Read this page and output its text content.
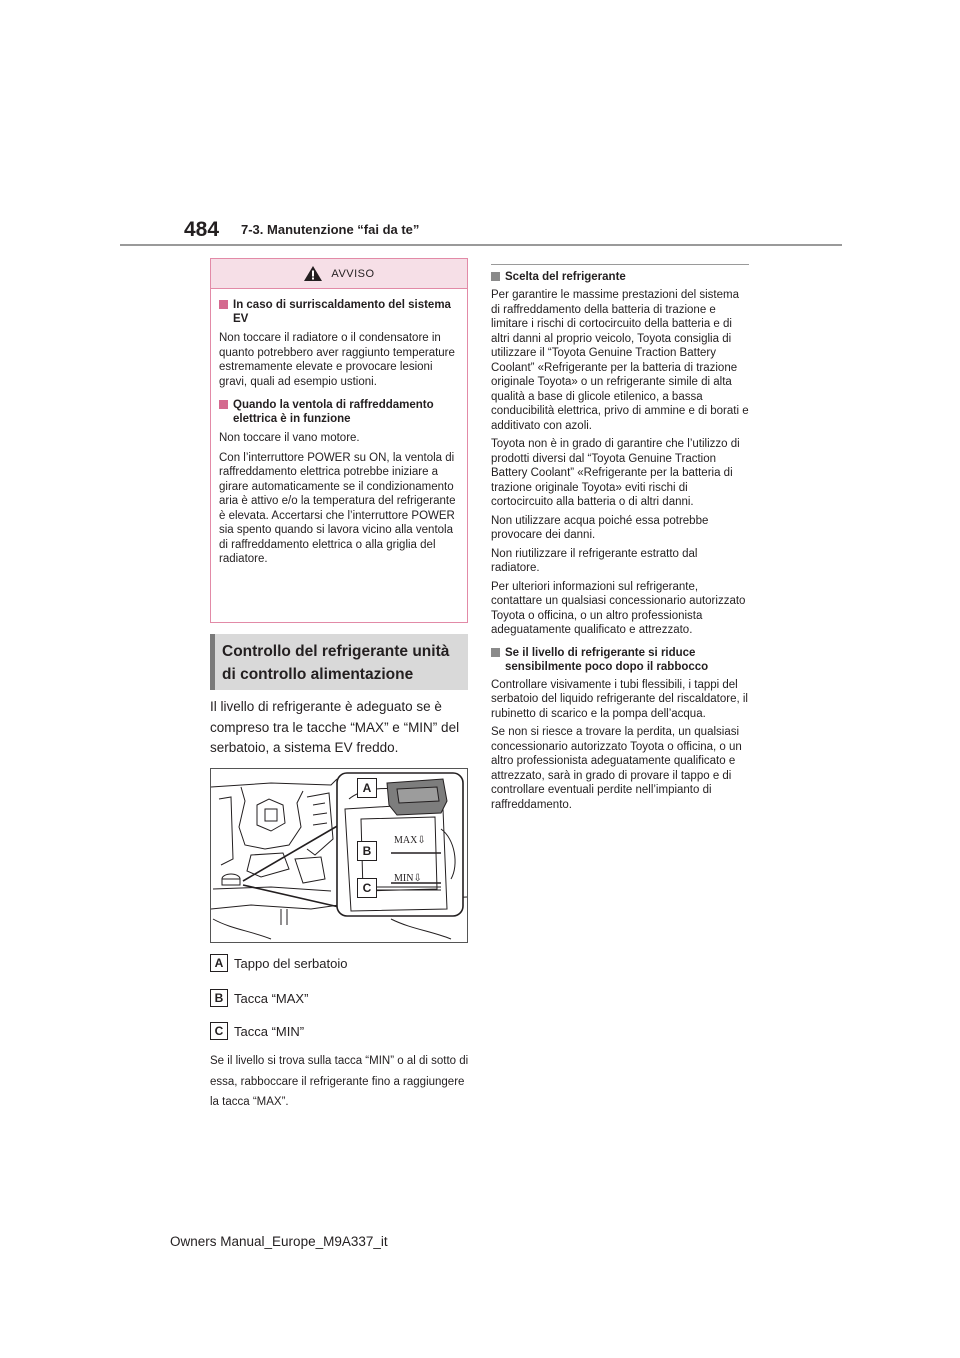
484 7-3. Manutenzione “fai da te”
AVVISO
In caso di surriscaldamento del sistema EV

Non toccare il radiatore o il condensatore in quanto potrebbero aver raggiunto temperature estremamente elevate e provocare lesioni gravi, quali ad esempio ustioni.

Quando la ventola di raffreddamento elettrica è in funzione

Non toccare il vano motore.

Con l’interruttore POWER su ON, la ventola di raffreddamento elettrica potrebbe iniziare a girare automaticamente se il condizionamento aria è attivo e/o la temperatura del refrigerante è elevata. Accertarsi che l’interruttore POWER sia spento quando si lavora vicino alla ventola di raffreddamento elettrica o alla griglia del radiatore.

Controllo del refrigerante unità
di controllo alimentazione
Il livello di refrigerante è adeguato se è compreso tra le tacche “MAX” e “MIN” del serbatoio, a sistema EV freddo.
MAX⇩
MIN⇩
A
B
C
A Tappo del serbatoio
B Tacca “MAX”
C Tacca “MIN”
Se il livello si trova sulla tacca “MIN” o al di sotto di essa, rabboccare il refrigerante fino a raggiungere la tacca “MAX”.
Scelta del refrigerante

Per garantire le massime prestazioni del sistema di raffreddamento della batteria di trazione e limitare i rischi di cortocircuito della batteria e di altri danni al proprio veicolo, Toyota consiglia di utilizzare il “Toyota Genuine Traction Battery Coolant” «Refrigerante per la batteria di trazione originale Toyota» o un refrigerante simile di alta qualità a base di glicole etilenico, a bassa conducibilità elettrica, privo di ammine e di borati e additivato con azoli.

Toyota non è in grado di garantire che l’utilizzo di prodotti diversi dal “Toyota Genuine Traction Battery Coolant” «Refrigerante per la batteria di trazione originale Toyota» eviti rischi di cortocircuito alla batteria o di altri danni.

Non utilizzare acqua poiché essa potrebbe provocare dei danni.

Non riutilizzare il refrigerante estratto dal radiatore.

Per ulteriori informazioni sul refrigerante, contattare un qualsiasi concessionario autorizzato Toyota o officina, o un altro professionista adeguatamente qualificato e attrezzato.

Se il livello di refrigerante si riduce sensibilmente poco dopo il rabbocco

Controllare visivamente i tubi flessibili, i tappi del serbatoio del liquido refrigerante del riscaldatore, il rubinetto di scarico e la pompa dell’acqua.

Se non si riesce a trovare la perdita, un qualsiasi concessionario autorizzato Toyota o officina, o un altro professionista adeguatamente qualificato e attrezzato, sarà in grado di provare il tappo e di controllare eventuali perdite nell’impianto di raffreddamento.

Owners Manual_Europe_M9A337_it
